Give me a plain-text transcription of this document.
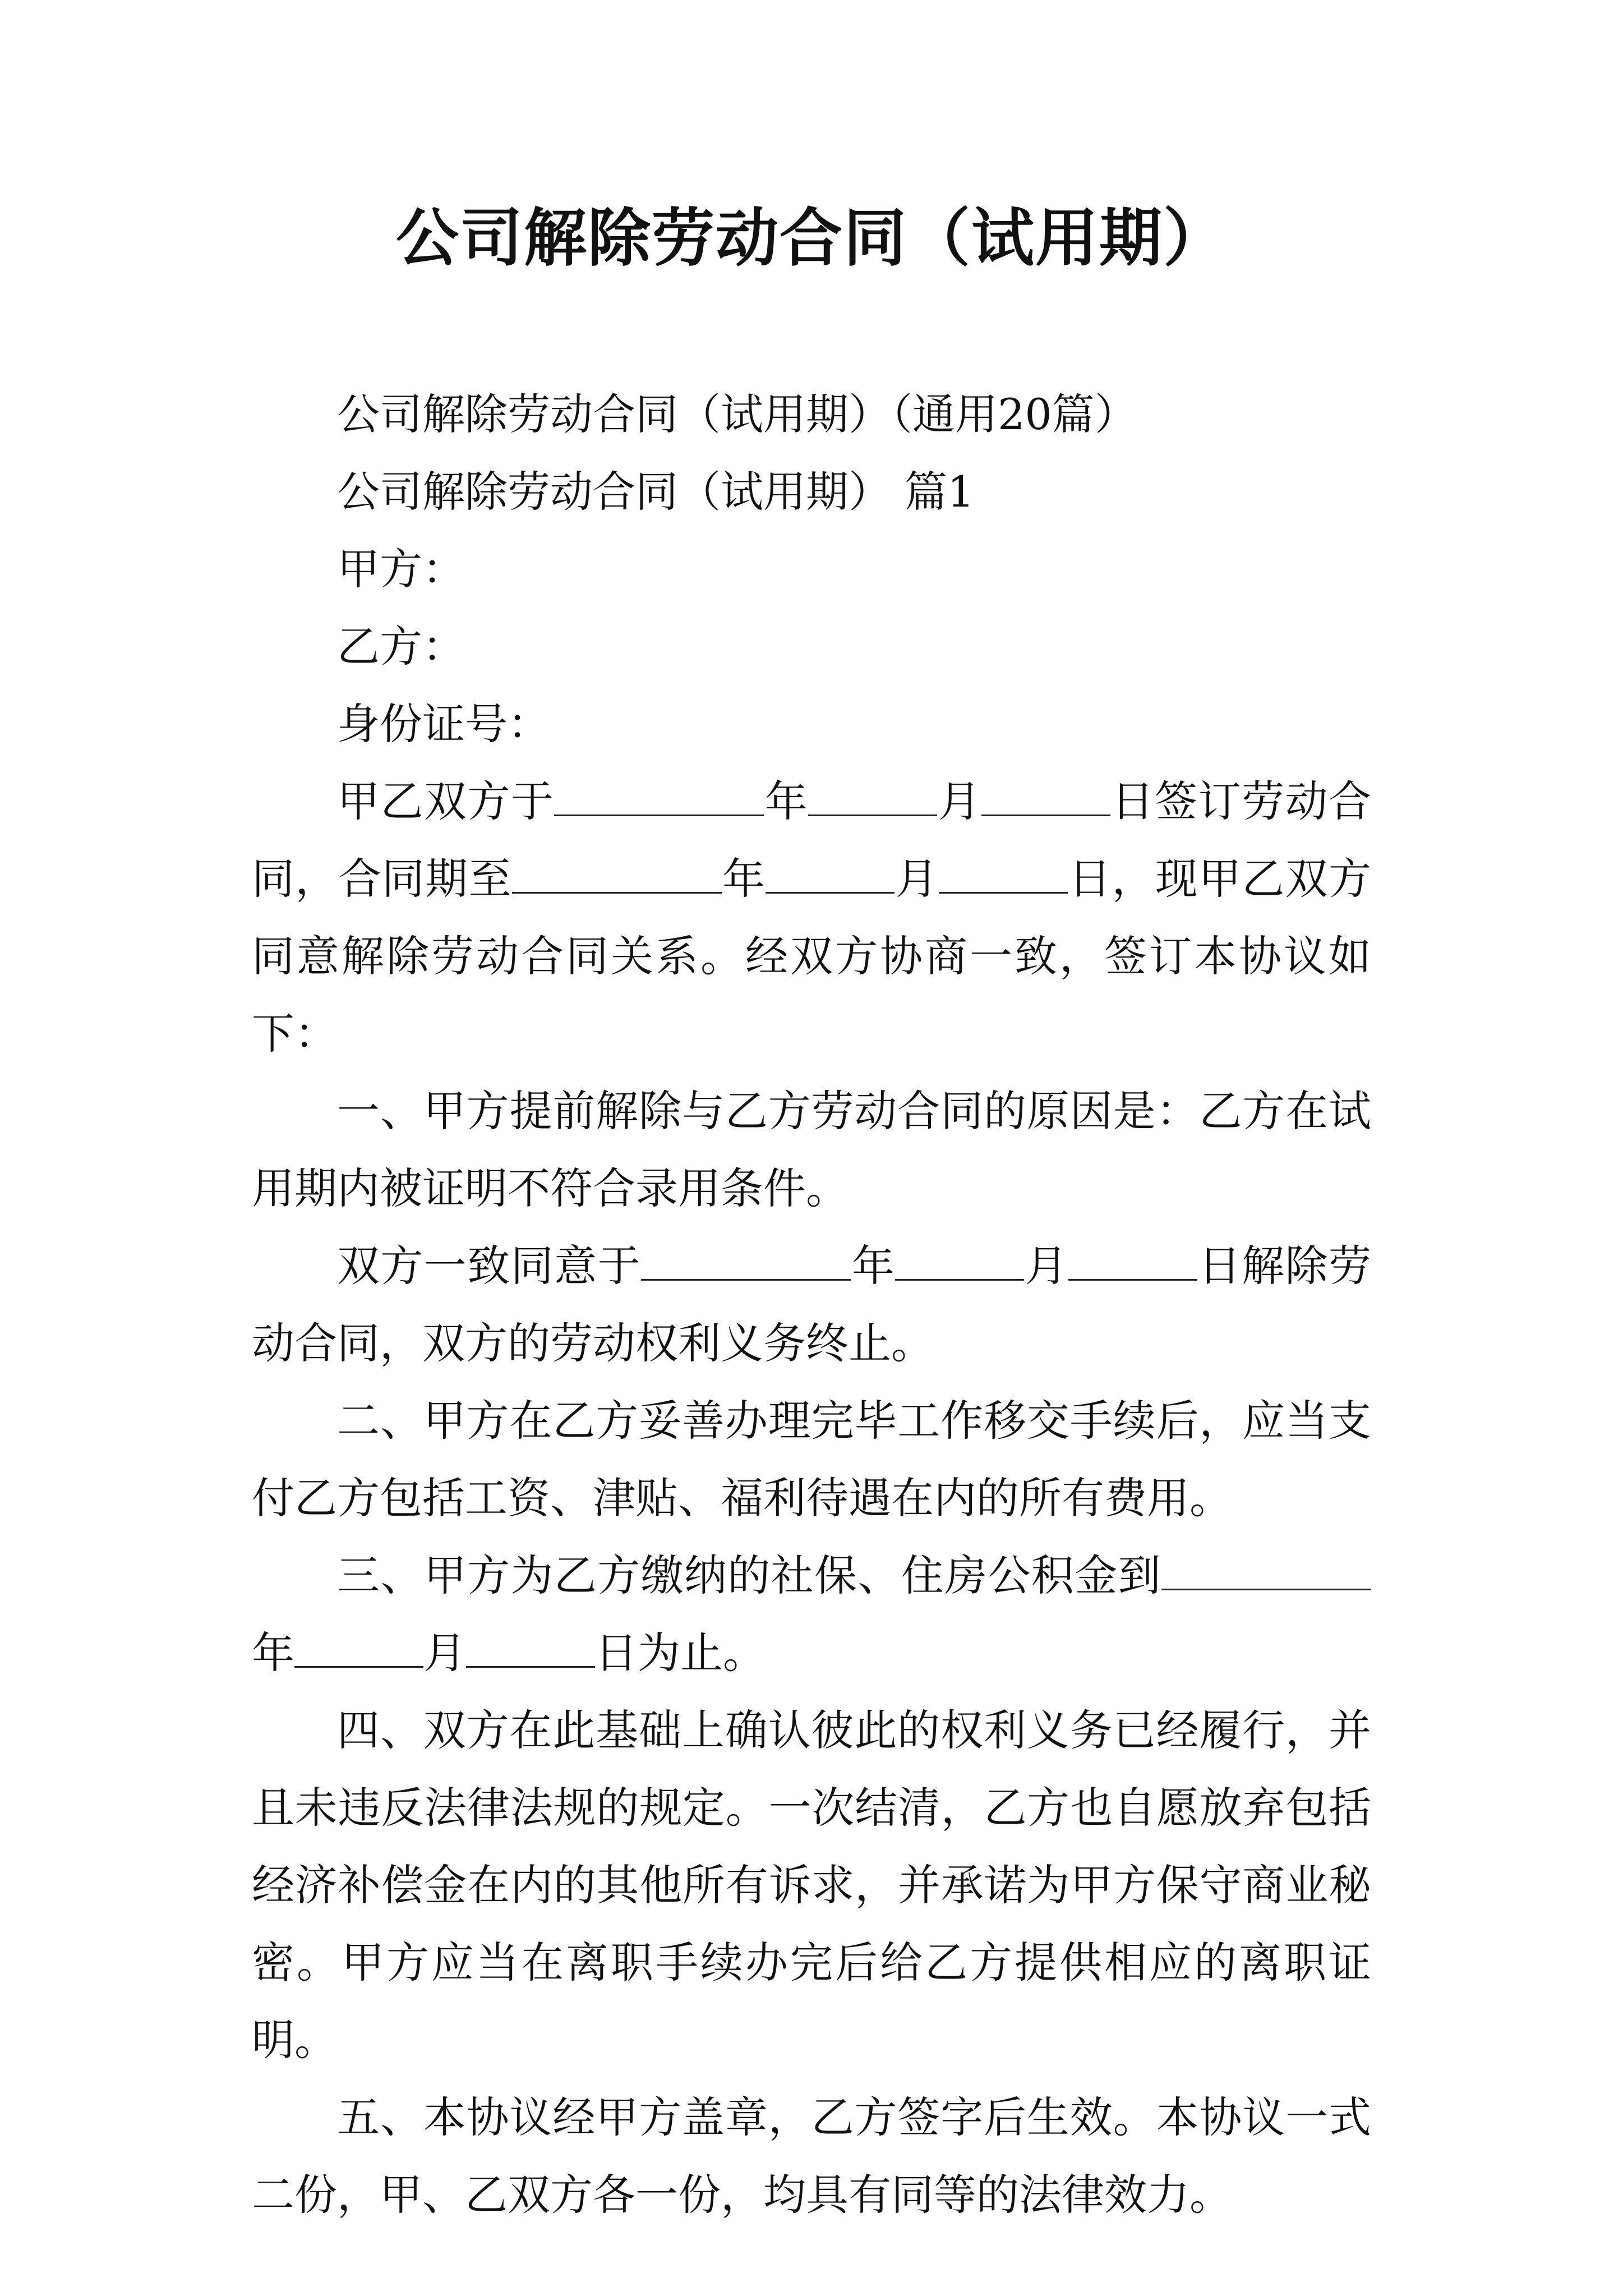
公司解除劳动合同（试用期）

公司解除劳动合同（试用期）（通用20篇）

公司解除劳动合同（试用期） 篇1

甲方：

乙方：

身份证号：

甲乙双方于	年	月	日签订劳动合同，合同期至	年	月	日，现甲乙双方同意解除劳动合同关系。经双方协商一致，签订本协议如下：

一、甲方提前解除与乙方劳动合同的原因是：乙方在试用期内被证明不符合录用条件。

双方一致同意于	年	月	日解除劳动合同，双方的劳动权利义务终止。

二、甲方在乙方妥善办理完毕工作移交手续后，应当支付乙方包括工资、津贴、福利待遇在内的所有费用。

三、甲方为乙方缴纳的社保、住房公积金到年	月	日为止。

四、双方在此基础上确认彼此的权利义务已经履行，并且未违反法律法规的规定。一次结清，乙方也自愿放弃包括经济补偿金在内的其他所有诉求，并承诺为甲方保守商业秘密。甲方应当在离职手续办完后给乙方提供相应的离职证明。

五、本协议经甲方盖章，乙方签字后生效。本协议一式二份，甲、乙双方各一份，均具有同等的法律效力。
